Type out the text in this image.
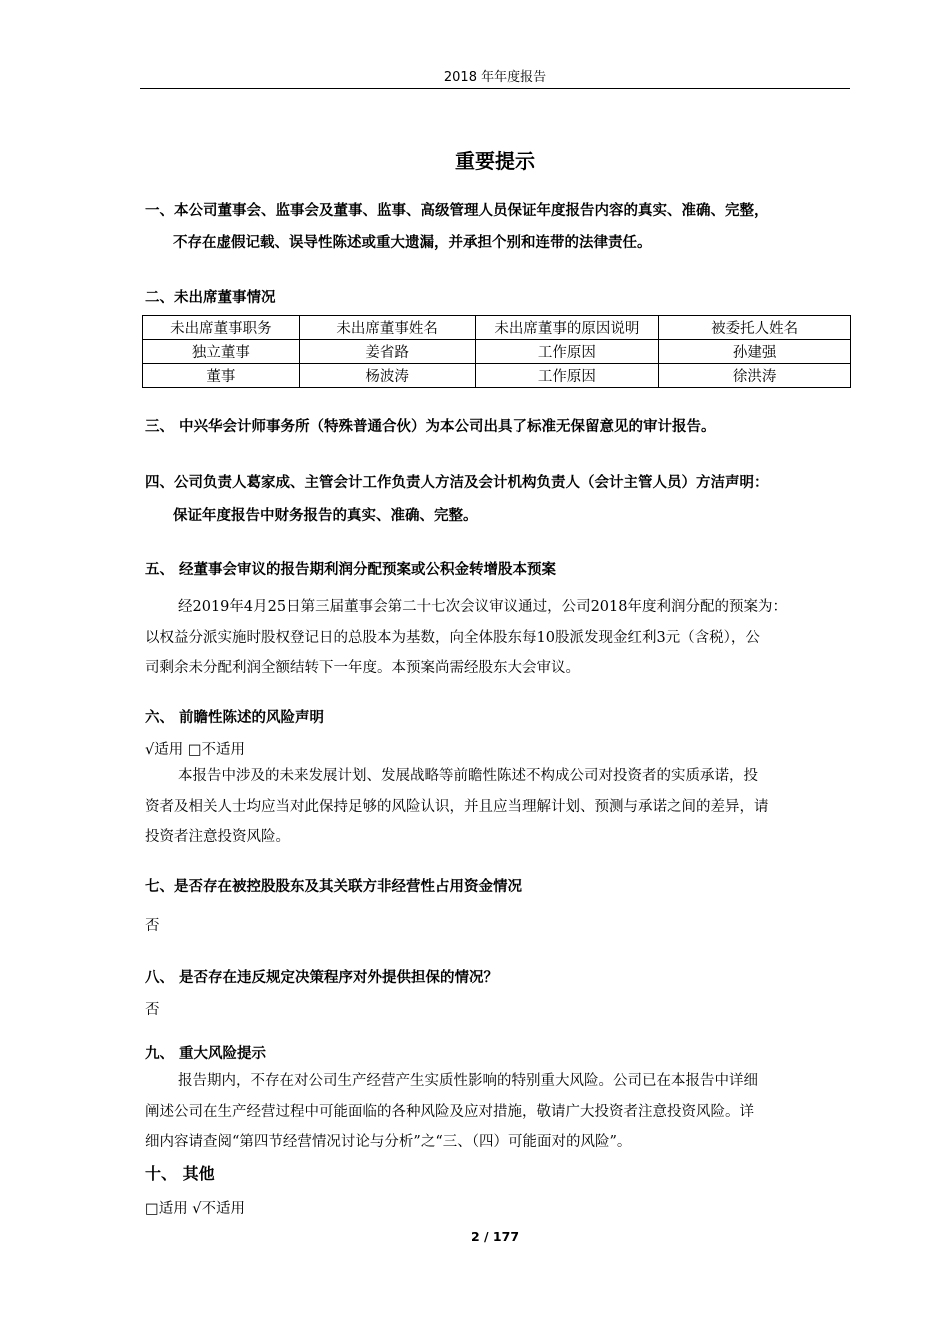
2018 年年度报告
重要提示
一、本公司董事会、监事会及董事、监事、高级管理人员保证年度报告内容的真实、准确、完整，
不存在虚假记载、误导性陈述或重大遗漏，并承担个别和连带的法律责任。
二、未出席董事情况
未出席董事职务	未出席董事姓名	未出席董事的原因说明	被委托人姓名
独立董事	姜省路	工作原因	孙建强
董事	杨波涛	工作原因	徐洪涛
三、 中兴华会计师事务所（特殊普通合伙）为本公司出具了标准无保留意见的审计报告。
四、公司负责人葛家成、主管会计工作负责人方洁及会计机构负责人（会计主管人员）方洁声明：
保证年度报告中财务报告的真实、准确、完整。
五、 经董事会审议的报告期利润分配预案或公积金转增股本预案
经2019年4月25日第三届董事会第二十七次会议审议通过，公司2018年度利润分配的预案为：
以权益分派实施时股权登记日的总股本为基数，向全体股东每10股派发现金红利3元（含税），公
司剩余未分配利润全额结转下一年度。本预案尚需经股东大会审议。
六、 前瞻性陈述的风险声明
√适用 □不适用
本报告中涉及的未来发展计划、发展战略等前瞻性陈述不构成公司对投资者的实质承诺，投
资者及相关人士均应当对此保持足够的风险认识，并且应当理解计划、预测与承诺之间的差异，请
投资者注意投资风险。
七、是否存在被控股股东及其关联方非经营性占用资金情况
否
八、 是否存在违反规定决策程序对外提供担保的情况？
否
九、 重大风险提示
报告期内，不存在对公司生产经营产生实质性影响的特别重大风险。公司已在本报告中详细
阐述公司在生产经营过程中可能面临的各种风险及应对措施，敬请广大投资者注意投资风险。详
细内容请查阅“第四节经营情况讨论与分析”之“三、（四）可能面对的风险”。
十、 其他
□适用 √不适用
2 / 177
